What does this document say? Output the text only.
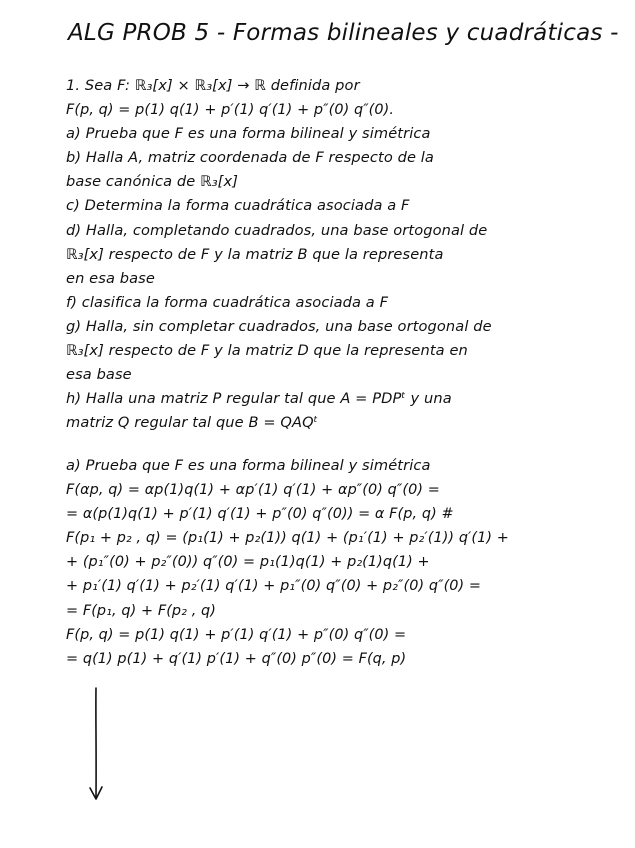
ALG PROB 5 - Formas bilineales y cuadráticas -
1. Sea F: ℝ₃[x] × ℝ₃[x] → ℝ definida por
F(p, q) = p(1) q(1) + p′(1) q′(1) + p″(0) q″(0).
a) Prueba que F es una forma bilineal y simétrica
b) Halla A, matriz coordenada de F respecto de la
base canónica de ℝ₃[x]
c) Determina la forma cuadrática asociada a F
d) Halla, completando cuadrados, una base ortogonal de
ℝ₃[x] respecto de F y la matriz B que la representa
en esa base
f) clasifica la forma cuadrática asociada a F
g) Halla, sin completar cuadrados, una base ortogonal de
ℝ₃[x] respecto de F y la matriz D que la representa en
esa base
h) Halla una matriz P regular tal que A = PDPᵗ y una
matriz Q regular tal que B = QAQᵗ
a) Prueba que F es una forma bilineal y simétrica
F(αp, q) = αp(1)q(1) + αp′(1) q′(1) + αp″(0) q″(0) =
= α(p(1)q(1) + p′(1) q′(1) + p″(0) q″(0)) = α F(p, q) #
F(p₁ + p₂ , q) = (p₁(1) + p₂(1)) q(1) + (p₁′(1) + p₂′(1)) q′(1) +
+ (p₁″(0) + p₂″(0)) q″(0) = p₁(1)q(1) + p₂(1)q(1) +
+ p₁′(1) q′(1) + p₂′(1) q′(1) + p₁″(0) q″(0) + p₂″(0) q″(0) =
= F(p₁, q) + F(p₂ , q)
F(p, q) = p(1) q(1) + p′(1) q′(1) + p″(0) q″(0) =
= q(1) p(1) + q′(1) p′(1) + q″(0) p″(0) = F(q, p)
